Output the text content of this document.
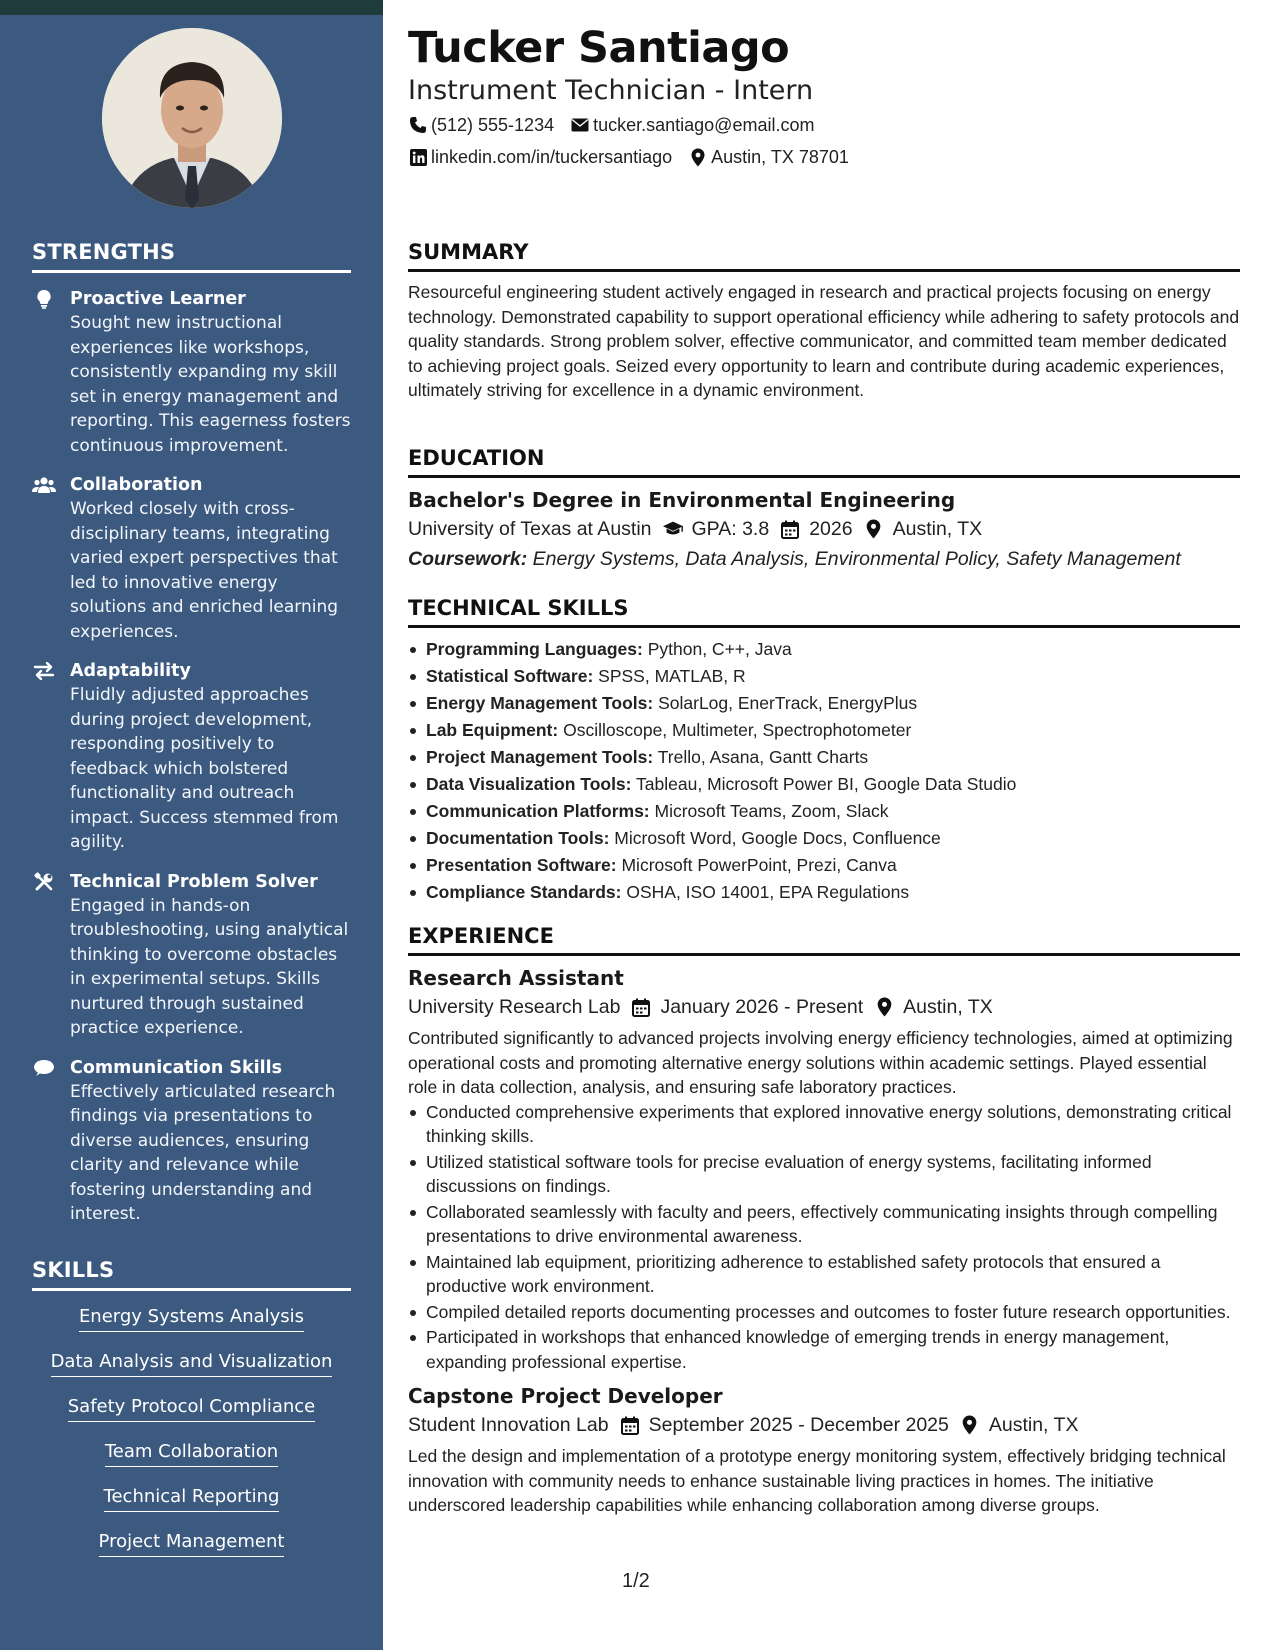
STRENGTHS
Proactive Learner
Sought new instructional experiences like workshops, consistently expanding my skill set in energy management and reporting. This eagerness fosters continuous improvement.
Collaboration
Worked closely with cross-disciplinary teams, integrating varied expert perspectives that led to innovative energy solutions and enriched learning experiences.
Adaptability
Fluidly adjusted approaches during project development, responding positively to feedback which bolstered functionality and outreach impact. Success stemmed from agility.
Technical Problem Solver
Engaged in hands-on troubleshooting, using analytical thinking to overcome obstacles in experimental setups. Skills nurtured through sustained practice experience.
Communication Skills
Effectively articulated research findings via presentations to diverse audiences, ensuring clarity and relevance while fostering understanding and interest.
SKILLS
Energy Systems Analysis
Data Analysis and Visualization
Safety Protocol Compliance
Team Collaboration
Technical Reporting
Project Management
Tucker Santiago
Instrument Technician - Intern
(512) 555-1234 tucker.santiago@email.com
linkedin.com/in/tuckersantiago Austin, TX 78701
SUMMARY
Resourceful engineering student actively engaged in research and practical projects focusing on energy technology. Demonstrated capability to support operational efficiency while adhering to safety protocols and quality standards. Strong problem solver, effective communicator, and committed team member dedicated to achieving project goals. Seized every opportunity to learn and contribute during academic experiences, ultimately striving for excellence in a dynamic environment.
EDUCATION
Bachelor's Degree in Environmental Engineering
University of Texas at Austin GPA: 3.8 2026 Austin, TX
Coursework: Energy Systems, Data Analysis, Environmental Policy, Safety Management
TECHNICAL SKILLS
Programming Languages: Python, C++, Java
Statistical Software: SPSS, MATLAB, R
Energy Management Tools: SolarLog, EnerTrack, EnergyPlus
Lab Equipment: Oscilloscope, Multimeter, Spectrophotometer
Project Management Tools: Trello, Asana, Gantt Charts
Data Visualization Tools: Tableau, Microsoft Power BI, Google Data Studio
Communication Platforms: Microsoft Teams, Zoom, Slack
Documentation Tools: Microsoft Word, Google Docs, Confluence
Presentation Software: Microsoft PowerPoint, Prezi, Canva
Compliance Standards: OSHA, ISO 14001, EPA Regulations
EXPERIENCE
Research Assistant
University Research Lab January 2026 - Present Austin, TX
Contributed significantly to advanced projects involving energy efficiency technologies, aimed at optimizing operational costs and promoting alternative energy solutions within academic settings. Played essential role in data collection, analysis, and ensuring safe laboratory practices.
Conducted comprehensive experiments that explored innovative energy solutions, demonstrating critical thinking skills.
Utilized statistical software tools for precise evaluation of energy systems, facilitating informed discussions on findings.
Collaborated seamlessly with faculty and peers, effectively communicating insights through compelling presentations to drive environmental awareness.
Maintained lab equipment, prioritizing adherence to established safety protocols that ensured a productive work environment.
Compiled detailed reports documenting processes and outcomes to foster future research opportunities.
Participated in workshops that enhanced knowledge of emerging trends in energy management, expanding professional expertise.
Capstone Project Developer
Student Innovation Lab September 2025 - December 2025 Austin, TX
Led the design and implementation of a prototype energy monitoring system, effectively bridging technical innovation with community needs to enhance sustainable living practices in homes. The initiative underscored leadership capabilities while enhancing collaboration among diverse groups.
1/2
